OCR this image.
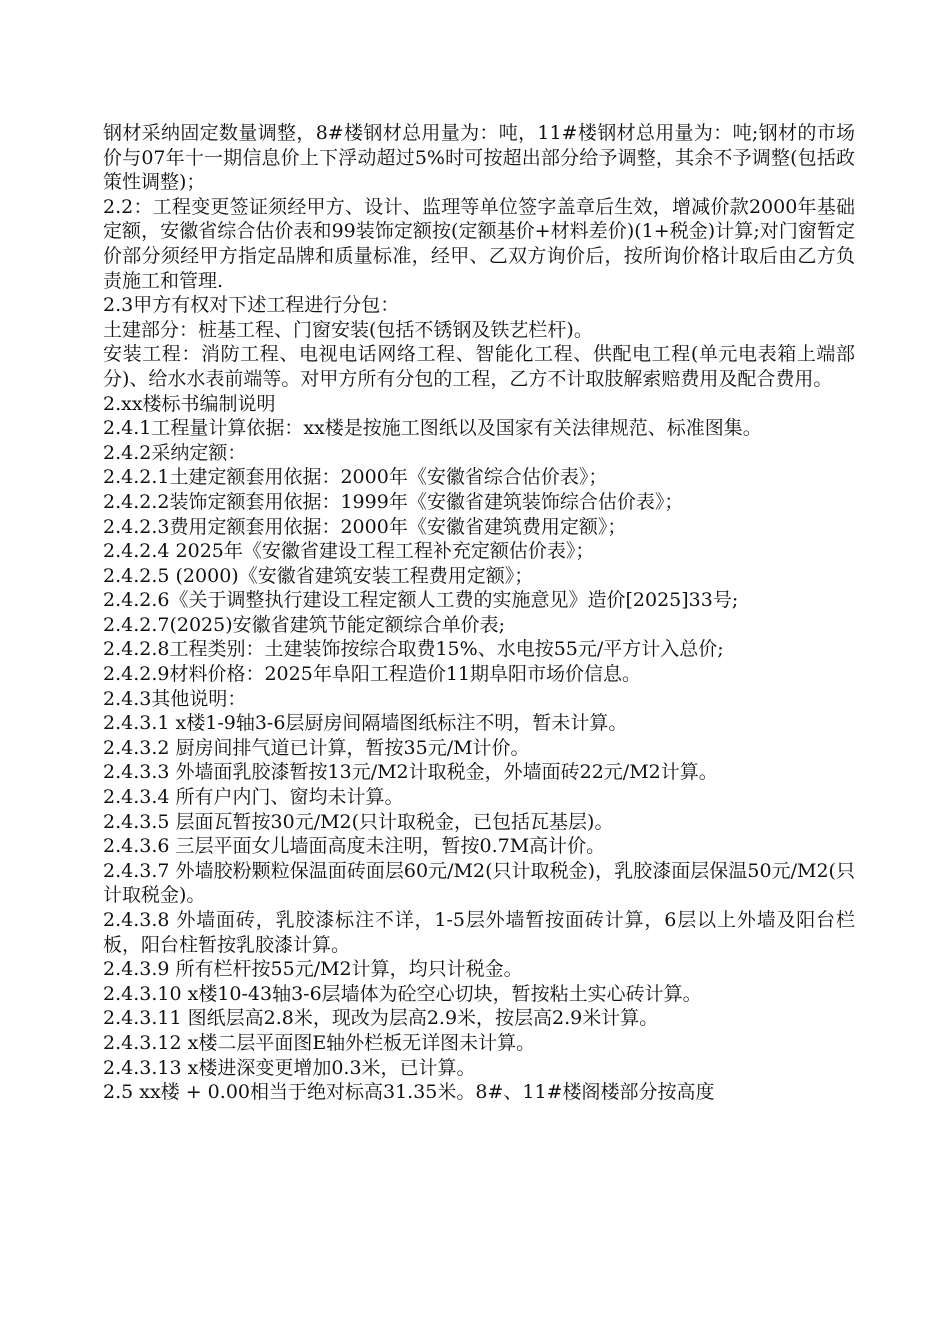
钢材采纳固定数量调整，8#楼钢材总用量为：吨，11#楼钢材总用量为：吨;钢材的市场价与07年十一期信息价上下浮动超过5%时可按超出部分给予调整，其余不予调整(包括政策性调整)；

2.2：工程变更签证须经甲方、设计、监理等单位签字盖章后生效，增减价款2000年基础定额，安徽省综合估价表和99装饰定额按(定额基价+材料差价)(1+税金)计算;对门窗暂定价部分须经甲方指定品牌和质量标准，经甲、乙双方询价后，按所询价格计取后由乙方负责施工和管理.

2.3甲方有权对下述工程进行分包：

土建部分：桩基工程、门窗安装(包括不锈钢及铁艺栏杆)。

安装工程：消防工程、电视电话网络工程、智能化工程、供配电工程(单元电表箱上端部分)、给水水表前端等。对甲方所有分包的工程，乙方不计取肢解索赔费用及配合费用。

2.xx楼标书编制说明

2.4.1工程量计算依据：xx楼是按施工图纸以及国家有关法律规范、标准图集。

2.4.2采纳定额：

2.4.2.1土建定额套用依据：2000年《安徽省综合估价表》；

2.4.2.2装饰定额套用依据：1999年《安徽省建筑装饰综合估价表》；

2.4.2.3费用定额套用依据：2000年《安徽省建筑费用定额》；

2.4.2.4 2025年《安徽省建设工程工程补充定额估价表》；

2.4.2.5 (2000)《安徽省建筑安装工程费用定额》；

2.4.2.6《关于调整执行建设工程定额人工费的实施意见》造价[2025]33号;

2.4.2.7(2025)安徽省建筑节能定额综合单价表;

2.4.2.8工程类别：土建装饰按综合取费15%、水电按55元/平方计入总价;

2.4.2.9材料价格：2025年阜阳工程造价11期阜阳市场价信息。

2.4.3其他说明：

2.4.3.1 x楼1-9轴3-6层厨房间隔墙图纸标注不明，暂未计算。

2.4.3.2 厨房间排气道已计算，暂按35元/M计价。

2.4.3.3 外墙面乳胶漆暂按13元/M2计取税金，外墙面砖22元/M2计算。

2.4.3.4 所有户内门、窗均未计算。

2.4.3.5 层面瓦暂按30元/M2(只计取税金，已包括瓦基层)。

2.4.3.6 三层平面女儿墙面高度未注明，暂按0.7M高计价。

2.4.3.7 外墙胶粉颗粒保温面砖面层60元/M2(只计取税金)，乳胶漆面层保温50元/M2(只计取税金)。

2.4.3.8 外墙面砖，乳胶漆标注不详，1-5层外墙暂按面砖计算，6层以上外墙及阳台栏板，阳台柱暂按乳胶漆计算。

2.4.3.9 所有栏杆按55元/M2计算，均只计税金。

2.4.3.10 x楼10-43轴3-6层墙体为砼空心切块，暂按粘土实心砖计算。

2.4.3.11 图纸层高2.8米，现改为层高2.9米，按层高2.9米计算。

2.4.3.12 x楼二层平面图E轴外栏板无详图未计算。

2.4.3.13 x楼进深变更增加0.3米，已计算。

2.5 xx楼 + 0.00相当于绝对标高31.35米。8#、11#楼阁楼部分按高度
